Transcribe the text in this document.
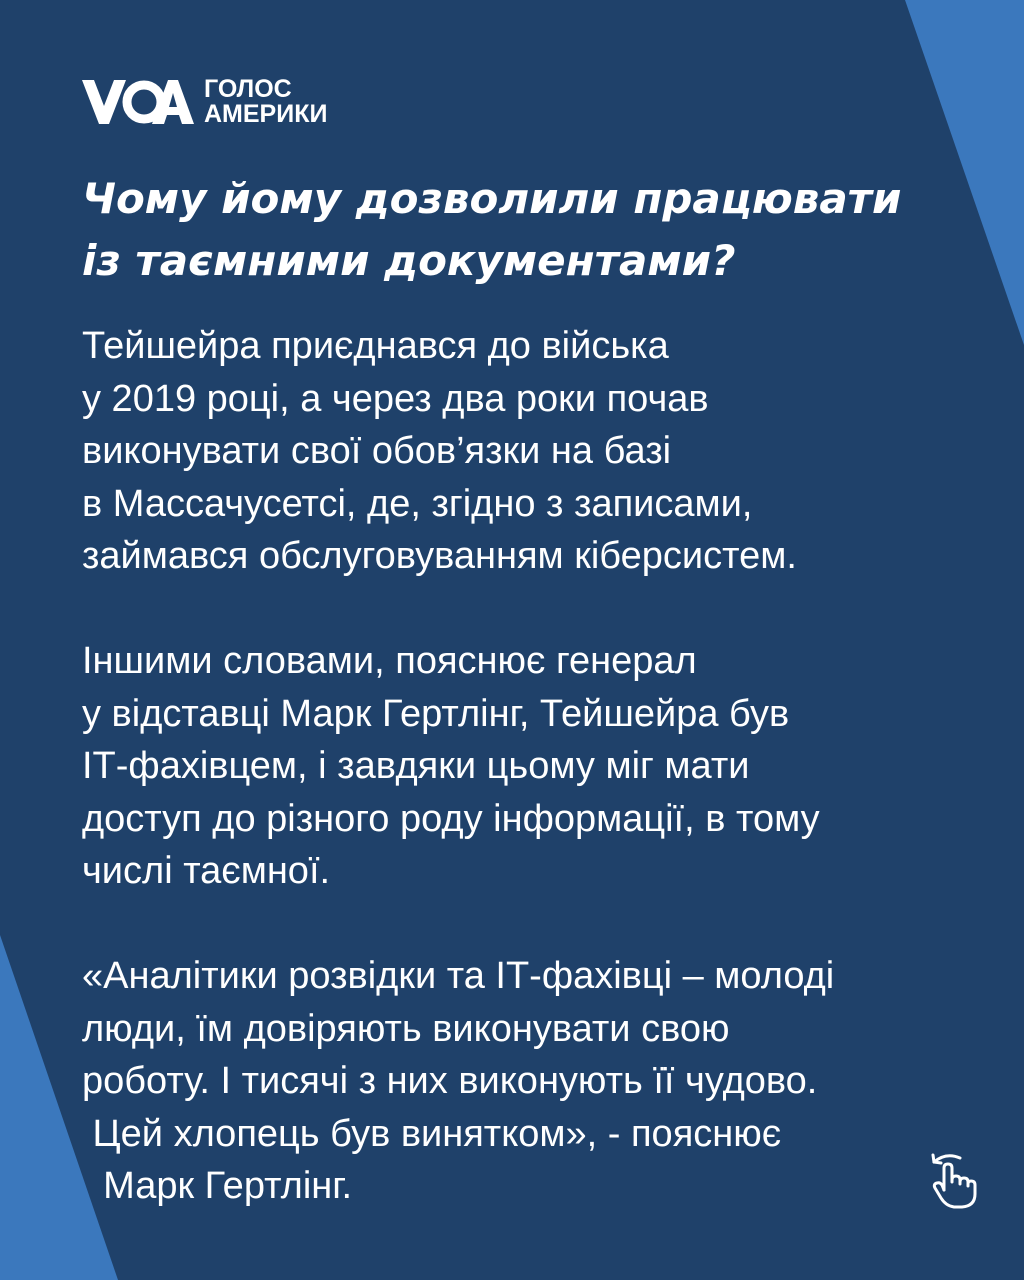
ГОЛОС
АМЕРИКИ
Чому йому дозволили працювати
із таємними документами?
Тейшейра приєднався до війська
у 2019 році, а через два роки почав
виконувати свої обов’язки на базі
в Массачусетсі, де, згідно з записами,
займався обслуговуванням кіберсистем.
Іншими словами, пояснює генерал
у відставці Марк Гертлінг, Тейшейра був
ІТ-фахівцем, і завдяки цьому міг мати
доступ до різного роду інформації, в тому
числі таємної.
«Аналітики розвідки та ІТ-фахівці – молоді
люди, їм довіряють виконувати свою
роботу. І тисячі з них виконують її чудово.
Цей хлопець був винятком», - пояснює
Марк Гертлінг.
